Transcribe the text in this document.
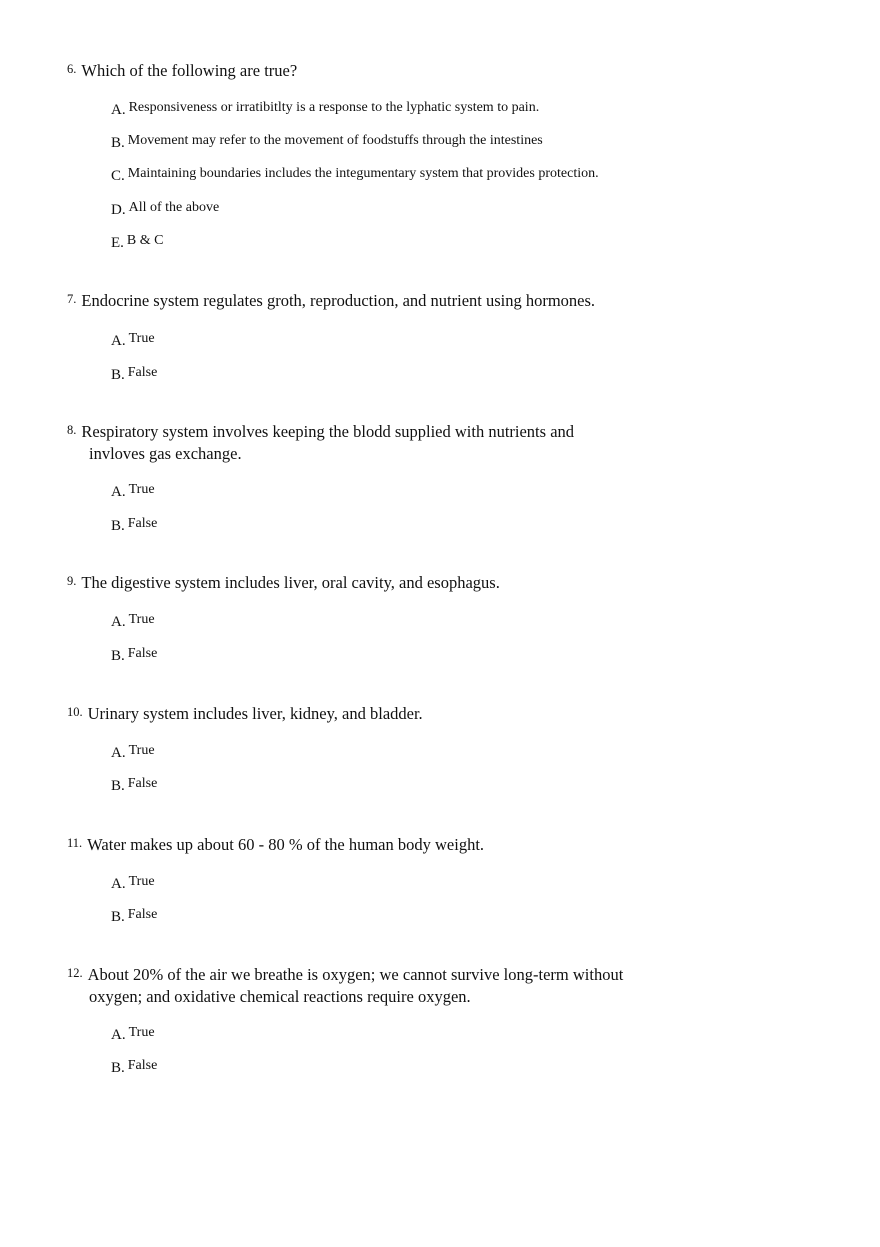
6. Which of the following are true?
A. Responsiveness or irratibitlty is a response to the lyphatic system to pain.
B. Movement may refer to the movement of foodstuffs through the intestines
C. Maintaining boundaries includes the integumentary system that provides protection.
D. All of the above
E. B & C
7. Endocrine system regulates groth, reproduction, and nutrient using hormones.
A. True
B. False
8. Respiratory system involves keeping the blodd supplied with nutrients and
invloves gas exchange.
A. True
B. False
9. The digestive system includes liver, oral cavity, and esophagus.
A. True
B. False
10. Urinary system includes liver, kidney, and bladder.
A. True
B. False
11. Water makes up about 60 - 80 % of the human body weight.
A. True
B. False
12. About 20% of the air we breathe is oxygen; we cannot survive long-term without
oxygen; and oxidative chemical reactions require oxygen.
A. True
B. False
